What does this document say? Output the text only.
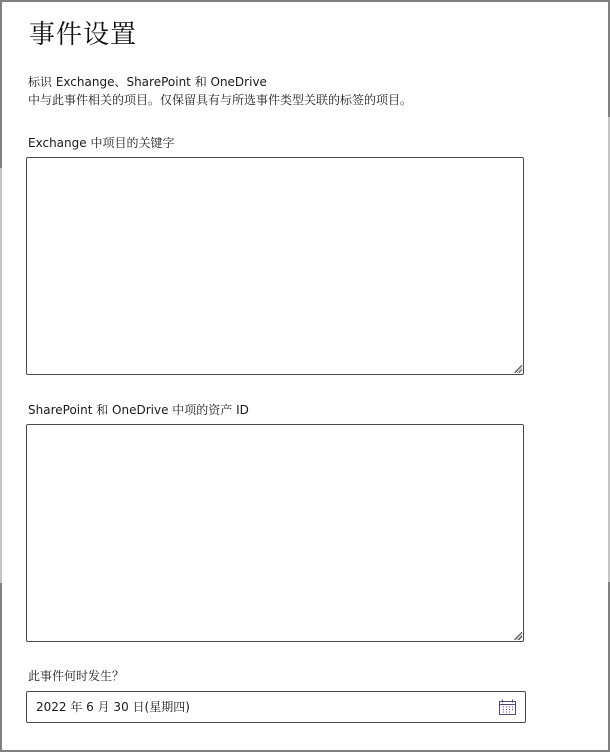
事件设置
标识 Exchange、SharePoint 和 OneDrive
中与此事件相关的项目。仅保留具有与所选事件类型关联的标签的项目。
Exchange 中项目的关键字
SharePoint 和 OneDrive 中项的资产 ID
此事件何时发生？
2022 年 6 月 30 日(星期四)
